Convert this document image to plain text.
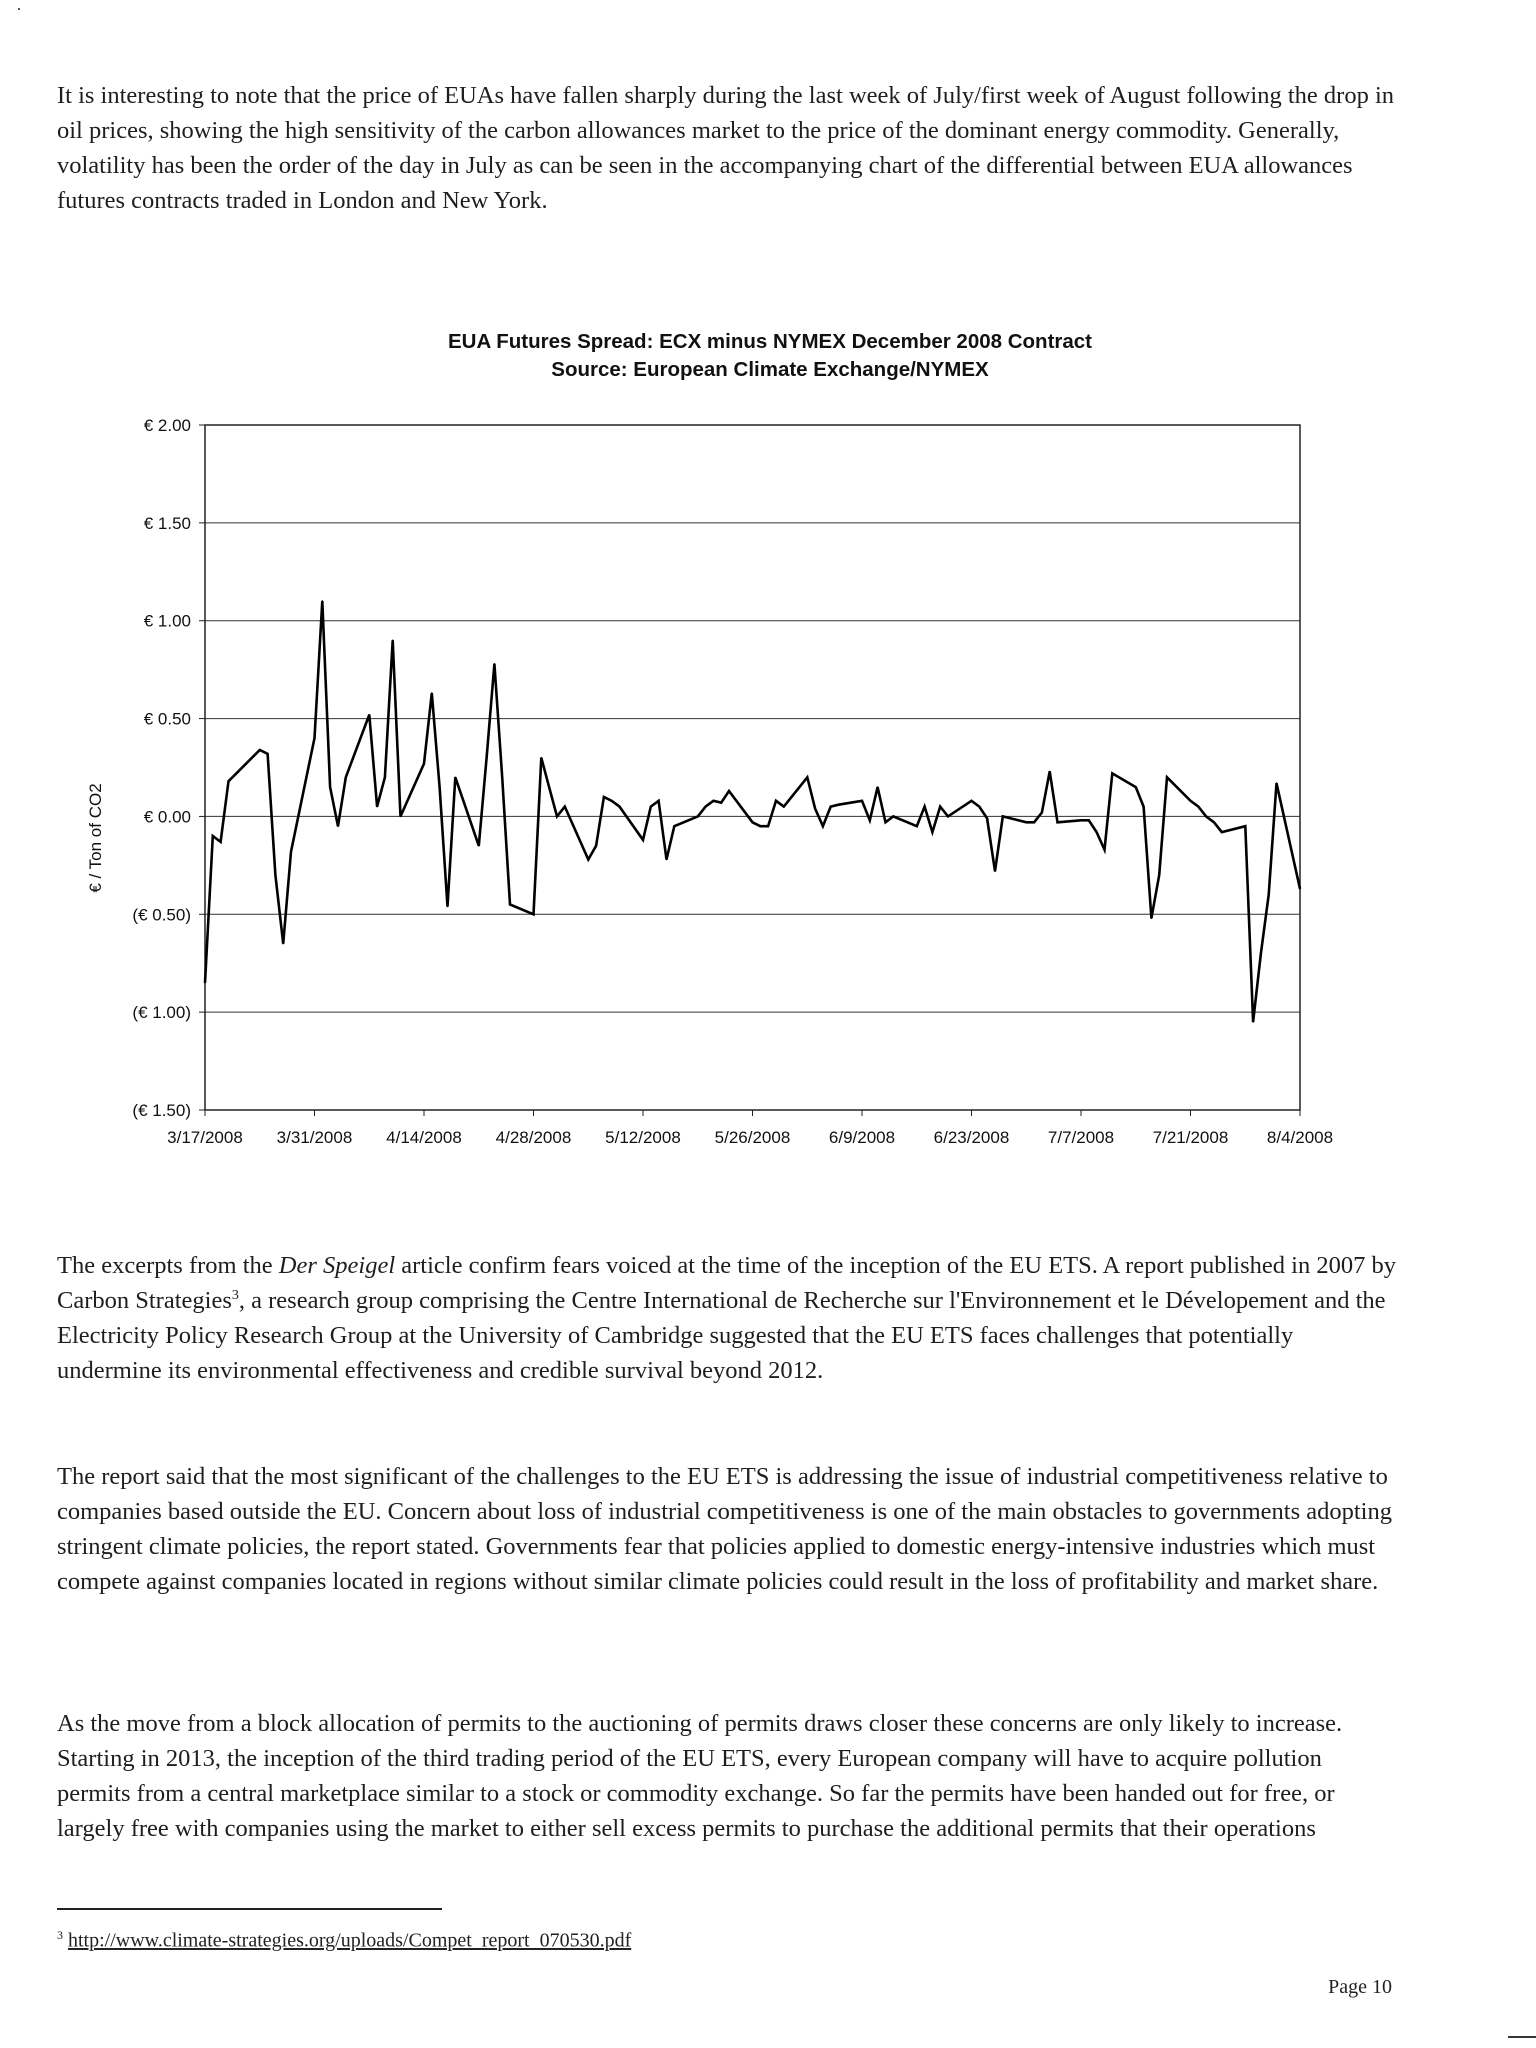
It is interesting to note that the price of EUAs have fallen sharply during the last week of July/first week of August following the drop in oil prices, showing the high sensitivity of the carbon allowances market to the price of the dominant energy commodity. Generally, volatility has been the order of the day in July as can be seen in the accompanying chart of the differential between EUA allowances futures contracts traded in London and New York.

EUA Futures Spread: ECX minus NYMEX December 2008 Contract
Source: European Climate Exchange/NYMEX
€ 2.00
€ 1.50
€ 1.00
€ 0.50
€ 0.00
(€ 0.50)
(€ 1.00)
(€ 1.50)
3/17/2008 3/31/2008 4/14/2008 4/28/2008 5/12/2008 5/26/2008 6/9/2008 6/23/2008 7/7/2008 7/21/2008 8/4/2008
€ / Ton of CO2

The excerpts from the Der Speigel article confirm fears voiced at the time of the inception of the EU ETS. A report published in 2007 by Carbon Strategies$^3$, a research group comprising the Centre International de Recherche sur l'Environnement et le Dévelopement and the Electricity Policy Research Group at the University of Cambridge suggested that the EU ETS faces challenges that potentially undermine its environmental effectiveness and credible survival beyond 2012.

The report said that the most significant of the challenges to the EU ETS is addressing the issue of industrial competitiveness relative to companies based outside the EU. Concern about loss of industrial competitiveness is one of the main obstacles to governments adopting stringent climate policies, the report stated. Governments fear that policies applied to domestic energy-intensive industries which must compete against companies located in regions without similar climate policies could result in the loss of profitability and market share.

As the move from a block allocation of permits to the auctioning of permits draws closer these concerns are only likely to increase. Starting in 2013, the inception of the third trading period of the EU ETS, every European company will have to acquire pollution permits from a central marketplace similar to a stock or commodity exchange. So far the permits have been handed out for free, or largely free with companies using the market to either sell excess permits to purchase the additional permits that their operations

$^3$ http://www.climate-strategies.org/uploads/Compet_report_070530.pdf
Page 10
